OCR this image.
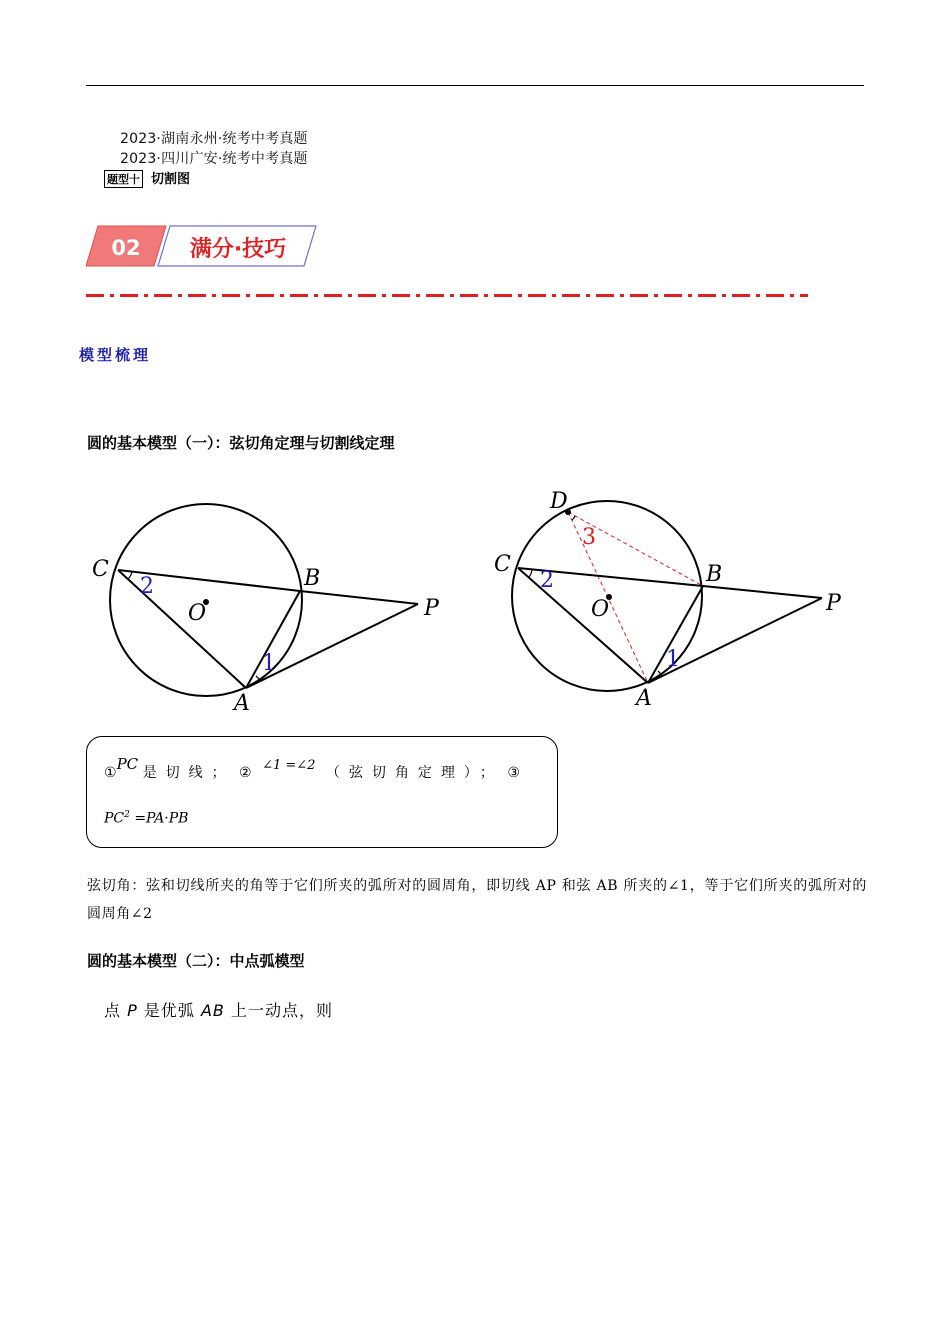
2023·湖南永州·统考中考真题
2023·四川广安·统考中考真题
题型十 切割图
02 满分·技巧
模型梳理
圆的基本模型（一）：弦切角定理与切割线定理
C	B
O	P
A
2
1
D
C	B
O	P
A
2
1
3
①PC 是切线； ② ∠1 =∠2 （弦切角定理）； ③
$PC^2 =PA\cdot PB$
弦切角：弦和切线所夹的角等于它们所夹的弧所对的圆周角，即切线 AP 和弦 AB 所夹的∠1，等于它们所夹的弧所对的圆周角∠2
圆的基本模型（二）：中点弧模型
点 P 是优弧 AB 上一动点，则
